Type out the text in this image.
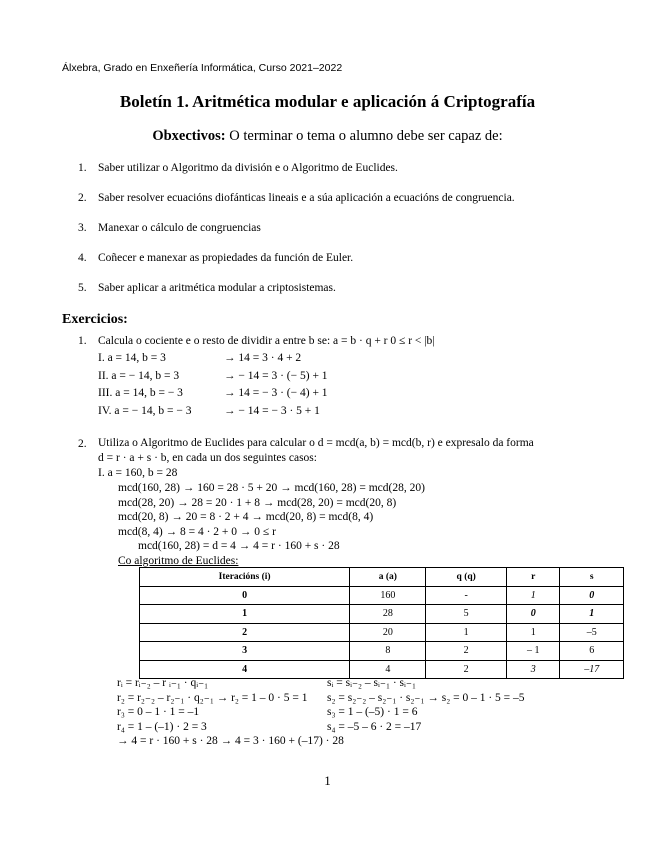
Álxebra, Grado en Enxeñería Informática, Curso 2021–2022
Boletín 1. Aritmética modular e aplicación á Criptografía
Obxectivos: O terminar o tema o alumno debe ser capaz de:
1. Saber utilizar o Algoritmo da división e o Algoritmo de Euclides.
2. Saber resolver ecuacións diofánticas lineais e a súa aplicación a ecuacións de congruencia.
3. Manexar o cálculo de congruencias
4. Coñecer e manexar as propiedades da función de Euler.
5. Saber aplicar a aritmética modular a criptosistemas.
Exercicios:
1. Calcula o cociente e o resto de dividir a entre b se: a = b · q + r 0 ≤ r < |b|
I. a = 14, b = 3	→ 14 = 3 · 4 + 2
II. a = − 14, b = 3	→ − 14 = 3 · (− 5) + 1
III. a = 14, b = − 3	→ 14 = − 3 · (− 4) + 1
IV. a = − 14, b = − 3	→ − 14 = − 3 · 5 + 1
2. Utiliza o Algoritmo de Euclides para calcular o d = mcd(a, b) = mcd(b, r) e expresalo da forma
d = r · a + s · b, en cada un dos seguintes casos:
I. a = 160, b = 28
mcd(160, 28) → 160 = 28 · 5 + 20 → mcd(160, 28) = mcd(28, 20)
mcd(28, 20) → 28 = 20 · 1 + 8 → mcd(28, 20) = mcd(20, 8)
mcd(20, 8) → 20 = 8 · 2 + 4 → mcd(20, 8) = mcd(8, 4)
mcd(8, 4) → 8 = 4 · 2 + 0 → 0 ≤ r
mcd(160, 28) = d = 4 → 4 = r · 160 + s · 28
Co algoritmo de Euclides:
Iteracións (i)	a (a)	q (q)	r	s
0	160	-	1	0
1	28	5	0	1
2	20	1	1	–5
3	8	2	– 1	6
4	4	2	3	–17
rᵢ = rᵢ₋₂ – r ᵢ₋₁ · qᵢ₋₁
r₂ = r₂₋₂ – r₂₋₁ · q₂₋₁ → r₂ = 1 – 0 · 5 = 1
r₃ = 0 – 1 · 1 = –1
r₄ = 1 – (–1) · 2 = 3
→ 4 = r · 160 + s · 28 → 4 = 3 · 160 + (–17) · 28
sᵢ = sᵢ₋₂ – sᵢ₋₁ · sᵢ₋₁
s₂ = s₂₋₂ – s₂₋₁ · s₂₋₁ → s₂ = 0 – 1 · 5 = –5
s₃ = 1 – (–5) · 1 = 6
s₄ = –5 – 6 · 2 = –17
1
